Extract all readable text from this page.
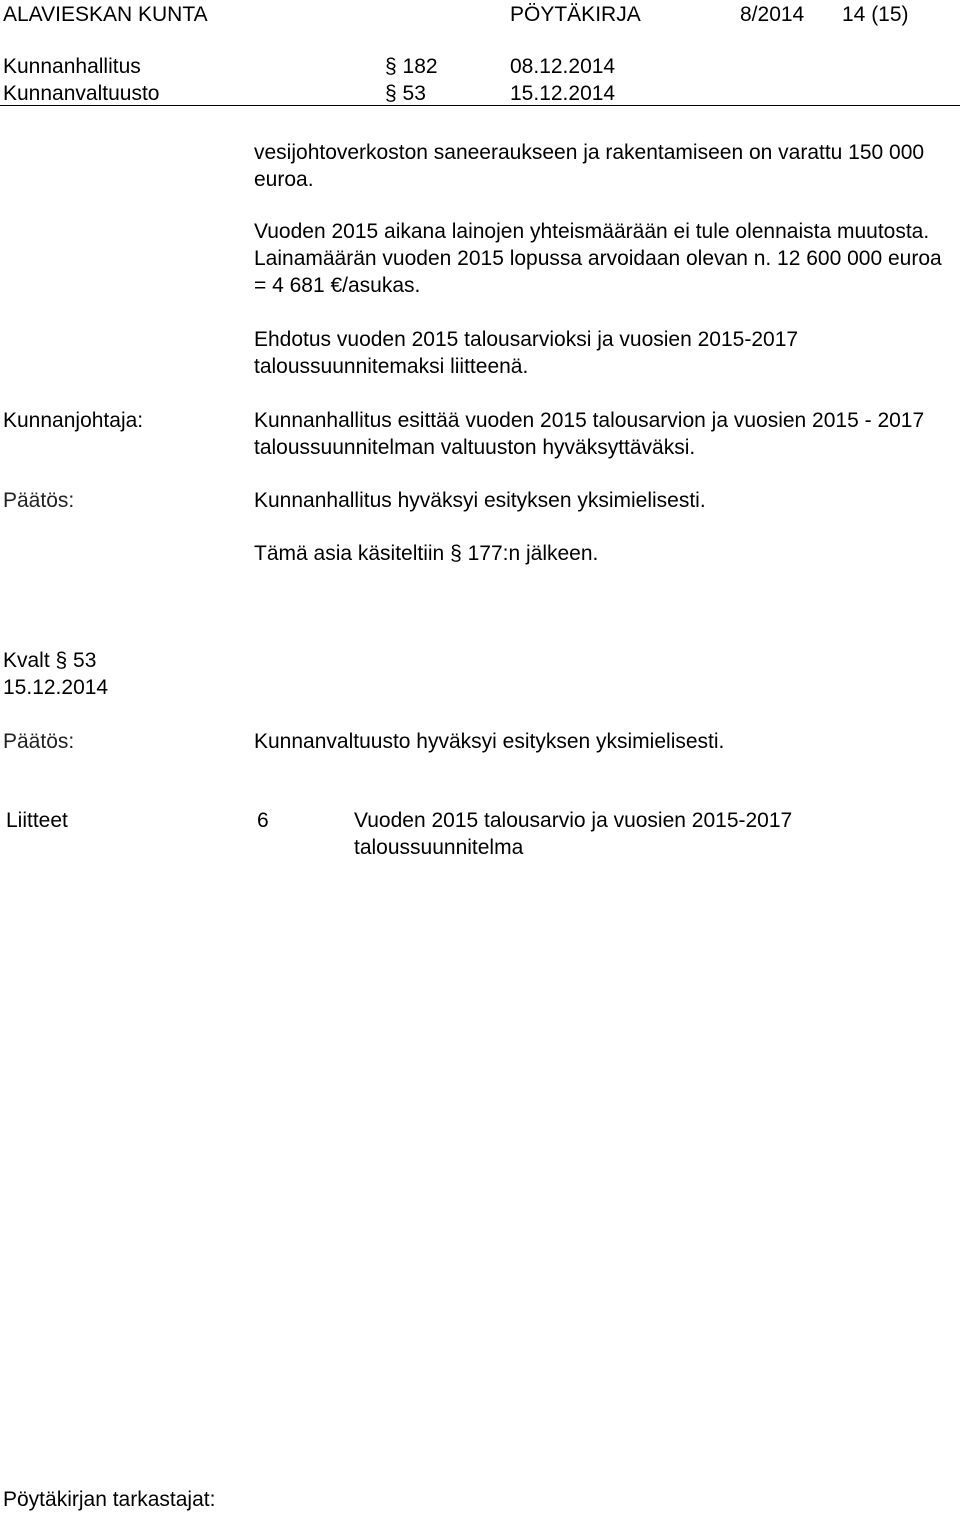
ALAVIESKAN KUNTA	PÖYTÄKIRJA	8/2014 14 (15)
Kunnanhallitus	§ 182	08.12.2014
Kunnanvaltuusto	§ 53	15.12.2014
vesijohtoverkoston saneeraukseen ja rakentamiseen on varattu 150 000 euroa.
Vuoden 2015 aikana lainojen yhteismäärään ei tule olennaista muutosta. Lainamäärän vuoden 2015 lopussa arvoidaan olevan n. 12 600 000 euroa = 4 681 €/asukas.
Ehdotus vuoden 2015 talousarvioksi ja vuosien 2015-2017 taloussuunnitemaksi liitteenä.
Kunnanjohtaja:	Kunnanhallitus esittää vuoden 2015 talousarvion ja vuosien 2015 - 2017 taloussuunnitelman valtuuston hyväksyttäväksi.
Päätös:	Kunnanhallitus hyväksyi esityksen yksimielisesti.
Tämä asia käsiteltiin § 177:n jälkeen.
Kvalt § 53
15.12.2014
Päätös:	Kunnanvaltuusto hyväksyi esityksen yksimielisesti.
Liitteet	6	Vuoden 2015 talousarvio ja vuosien 2015-2017
taloussuunnitelma
Pöytäkirjan tarkastajat:
